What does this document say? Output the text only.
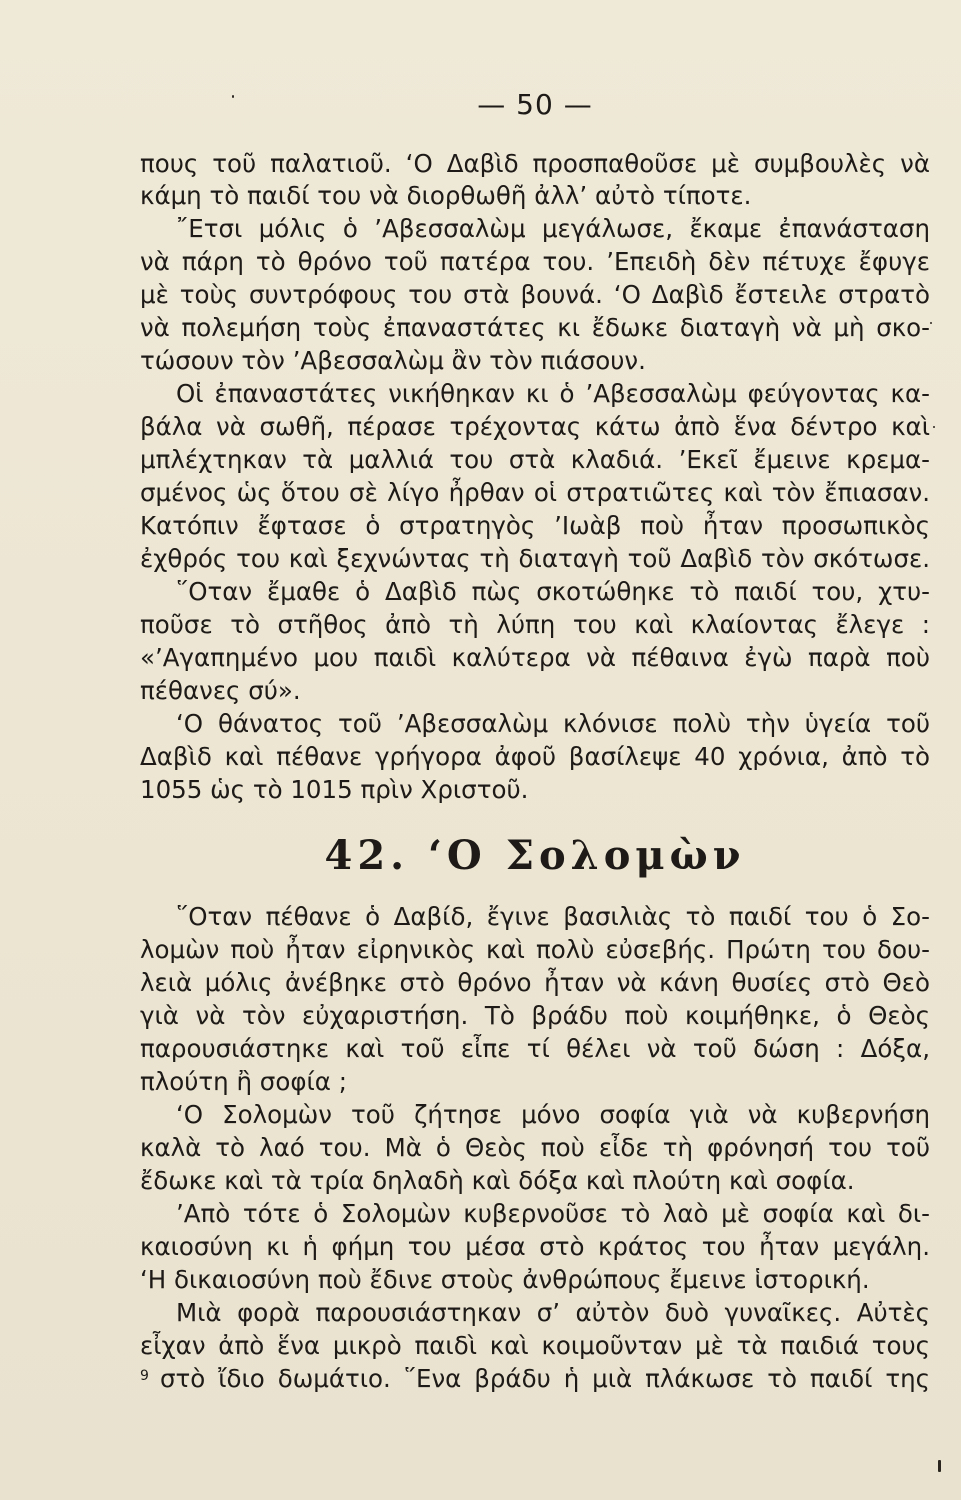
— 50 —
πους τοῦ παλατιοῦ. ‘Ο Δαβὶδ προσπαθοῦσε μὲ συμβουλὲς νὰ
κάμη τὸ παιδί του νὰ διορθωθῆ ἀλλ’ αὐτὸ τίποτε.
῎Ετσι μόλις ὁ ’Αβεσσαλὼμ μεγάλωσε, ἔκαμε ἐπανάσταση
νὰ πάρη τὸ θρόνο τοῦ πατέρα του. ’Επειδὴ δὲν πέτυχε ἔφυγε
μὲ τοὺς συντρόφους του στὰ βουνά. ‘Ο Δαβὶδ ἔστειλε στρατὸ
νὰ πολεμήση τοὺς ἐπαναστάτες κι ἔδωκε διαταγὴ νὰ μὴ σκο-
τώσουν τὸν ’Αβεσσαλὼμ ἂν τὸν πιάσουν.
Οἱ ἐπαναστάτες νικήθηκαν κι ὁ ’Αβεσσαλὼμ φεύγοντας κα-
βάλα νὰ σωθῆ, πέρασε τρέχοντας κάτω ἀπὸ ἕνα δέντρο καὶ
μπλέχτηκαν τὰ μαλλιά του στὰ κλαδιά. ’Εκεῖ ἔμεινε κρεμα-
σμένος ὡς ὅτου σὲ λίγο ἦρθαν οἱ στρατιῶτες καὶ τὸν ἔπιασαν.
Κατόπιν ἔφτασε ὁ στρατηγὸς ’Ιωὰβ ποὺ ἦταν προσωπικὸς
ἐχθρός του καὶ ξεχνώντας τὴ διαταγὴ τοῦ Δαβὶδ τὸν σκότωσε.
῞Οταν ἔμαθε ὁ Δαβὶδ πὼς σκοτώθηκε τὸ παιδί του, χτυ-
ποῦσε τὸ στῆθος ἀπὸ τὴ λύπη του καὶ κλαίοντας ἔλεγε :
«’Αγαπημένο μου παιδὶ καλύτερα νὰ πέθαινα ἐγὼ παρὰ ποὺ
πέθανες σύ».
‘Ο θάνατος τοῦ ’Αβεσσαλὼμ κλόνισε πολὺ τὴν ὑγεία τοῦ
Δαβὶδ καὶ πέθανε γρήγορα ἀφοῦ βασίλεψε 40 χρόνια, ἀπὸ τὸ
1055 ὡς τὸ 1015 πρὶν Χριστοῦ.
42. ‘Ο Σολομὼν
῞Οταν πέθανε ὁ Δαβίδ, ἔγινε βασιλιὰς τὸ παιδί του ὁ Σο-
λομὼν ποὺ ἦταν εἰρηνικὸς καὶ πολὺ εὐσεβής. Πρώτη του δου-
λειὰ μόλις ἀνέβηκε στὸ θρόνο ἦταν νὰ κάνη θυσίες στὸ Θεὸ
γιὰ νὰ τὸν εὐχαριστήση. Τὸ βράδυ ποὺ κοιμήθηκε, ὁ Θεὸς
παρουσιάστηκε καὶ τοῦ εἶπε τί θέλει νὰ τοῦ δώση : Δόξα,
πλούτη ἢ σοφία ;
‘Ο Σολομὼν τοῦ ζήτησε μόνο σοφία γιὰ νὰ κυβερνήση
καλὰ τὸ λαό του. Μὰ ὁ Θεὸς ποὺ εἶδε τὴ φρόνησή του τοῦ
ἔδωκε καὶ τὰ τρία δηλαδὴ καὶ δόξα καὶ πλούτη καὶ σοφία.
’Απὸ τότε ὁ Σολομὼν κυβερνοῦσε τὸ λαὸ μὲ σοφία καὶ δι-
καιοσύνη κι ἡ φήμη του μέσα στὸ κράτος του ἦταν μεγάλη.
‘Η δικαιοσύνη ποὺ ἔδινε στοὺς ἀνθρώπους ἔμεινε ἱστορική.
Μιὰ φορὰ παρουσιάστηκαν σ’ αὐτὸν δυὸ γυναῖκες. Αὐτὲς
εἶχαν ἀπὸ ἕνα μικρὸ παιδὶ καὶ κοιμοῦνταν μὲ τὰ παιδιά τους
στὸ ἴδιο δωμάτιο. ῞Ενα βράδυ ἡ μιὰ πλάκωσε τὸ παιδί της
9
